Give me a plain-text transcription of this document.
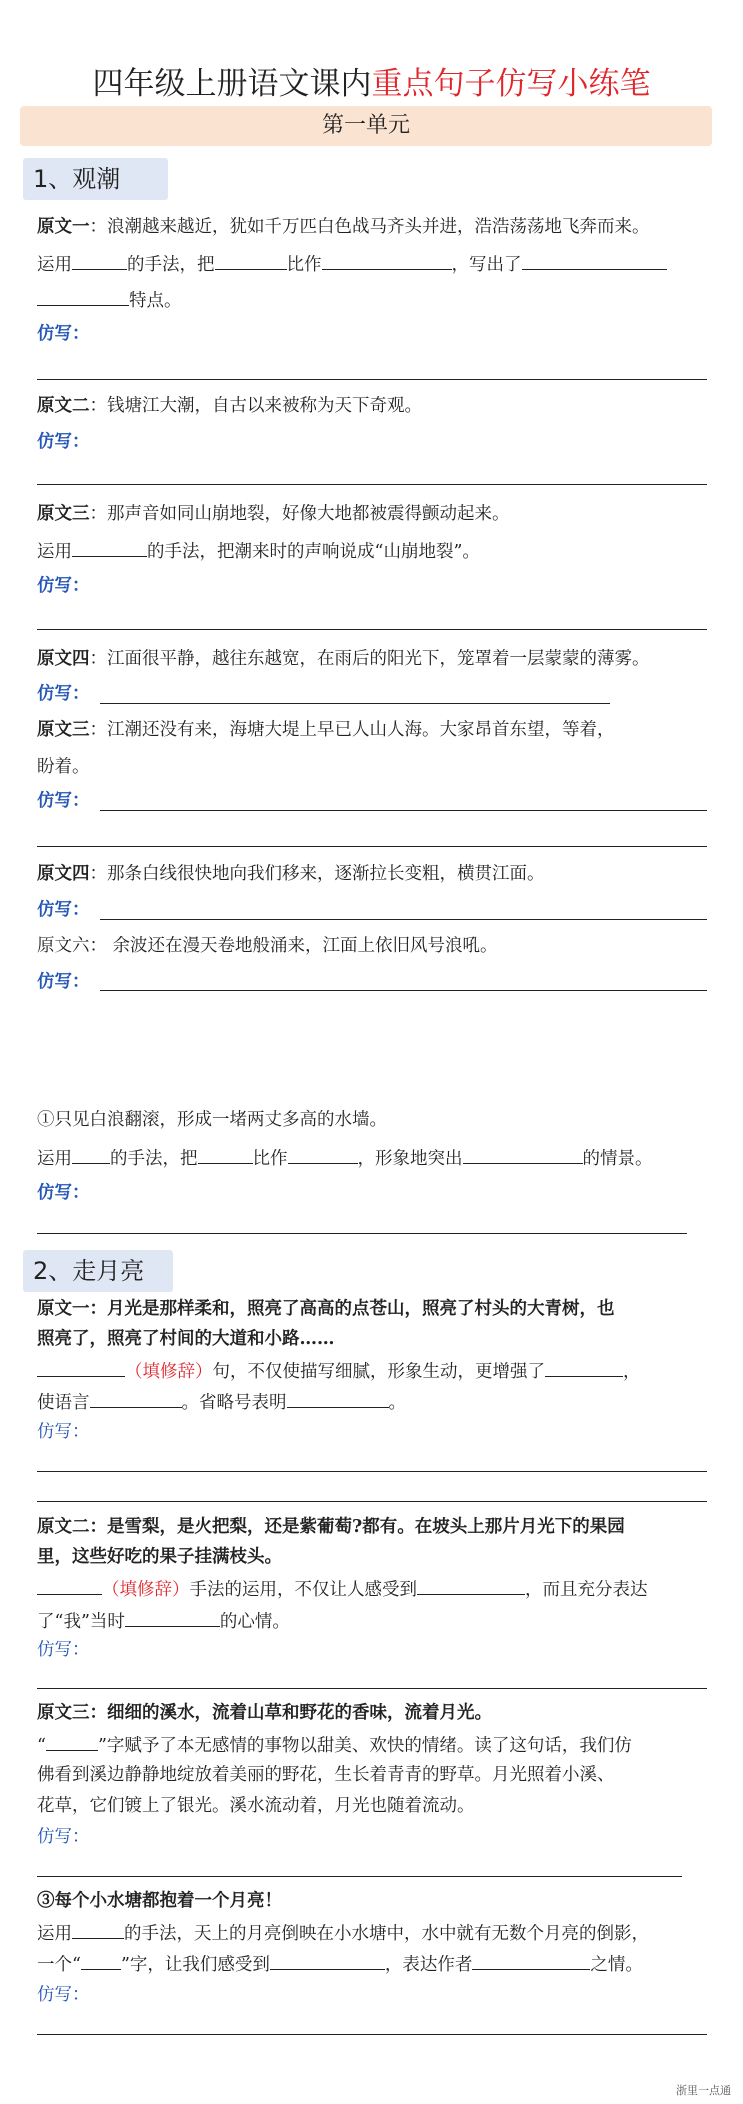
四年级上册语文课内重点句子仿写小练笔
第一单元
1、观潮
原文一：浪潮越来越近，犹如千万匹白色战马齐头并进，浩浩荡荡地飞奔而来。
运用	的手法，把	比作	，写出了
特点。
仿写：
原文二：钱塘江大潮，自古以来被称为天下奇观。
仿写：
原文三：那声音如同山崩地裂，好像大地都被震得颤动起来。
运用	的手法，把潮来时的声响说成“山崩地裂”。
仿写：
原文四：江面很平静，越往东越宽，在雨后的阳光下，笼罩着一层蒙蒙的薄雾。
仿写：
原文三：江潮还没有来，海塘大堤上早已人山人海。大家昂首东望，等着，
盼着。
仿写：
原文四：那条白线很快地向我们移来，逐渐拉长变粗，横贯江面。
仿写：
原文六： 余波还在漫天卷地般涌来，江面上依旧风号浪吼。
仿写：
①只见白浪翻滚，形成一堵两丈多高的水墙。
运用 的手法，把	比作	，形象地突出	的情景。
仿写：
2、走月亮
原文一：月光是那样柔和，照亮了高高的点苍山，照亮了村头的大青树，也
照亮了，照亮了村间的大道和小路……
（填修辞）句，不仅使描写细腻，形象生动，更增强了	，
使语言	。省略号表明	。
仿写：
原文二：是雪梨，是火把梨，还是紫葡萄?都有。在坡头上那片月光下的果园
里，这些好吃的果子挂满枝头。
（填修辞）手法的运用，不仅让人感受到	，而且充分表达
了“我”当时	的心情。
仿写：
原文三：细细的溪水，流着山草和野花的香味，流着月光。
“	”字赋予了本无感情的事物以甜美、欢快的情绪。读了这句话，我们仿
佛看到溪边静静地绽放着美丽的野花，生长着青青的野草。月光照着小溪、
花草，它们镀上了银光。溪水流动着，月光也随着流动。
仿写：
③每个小水塘都抱着一个月亮！
运用	的手法，天上的月亮倒映在小水塘中，水中就有无数个月亮的倒影，
一个“ ”字，让我们感受到	，表达作者	之情。
仿写：
浙里一点通
